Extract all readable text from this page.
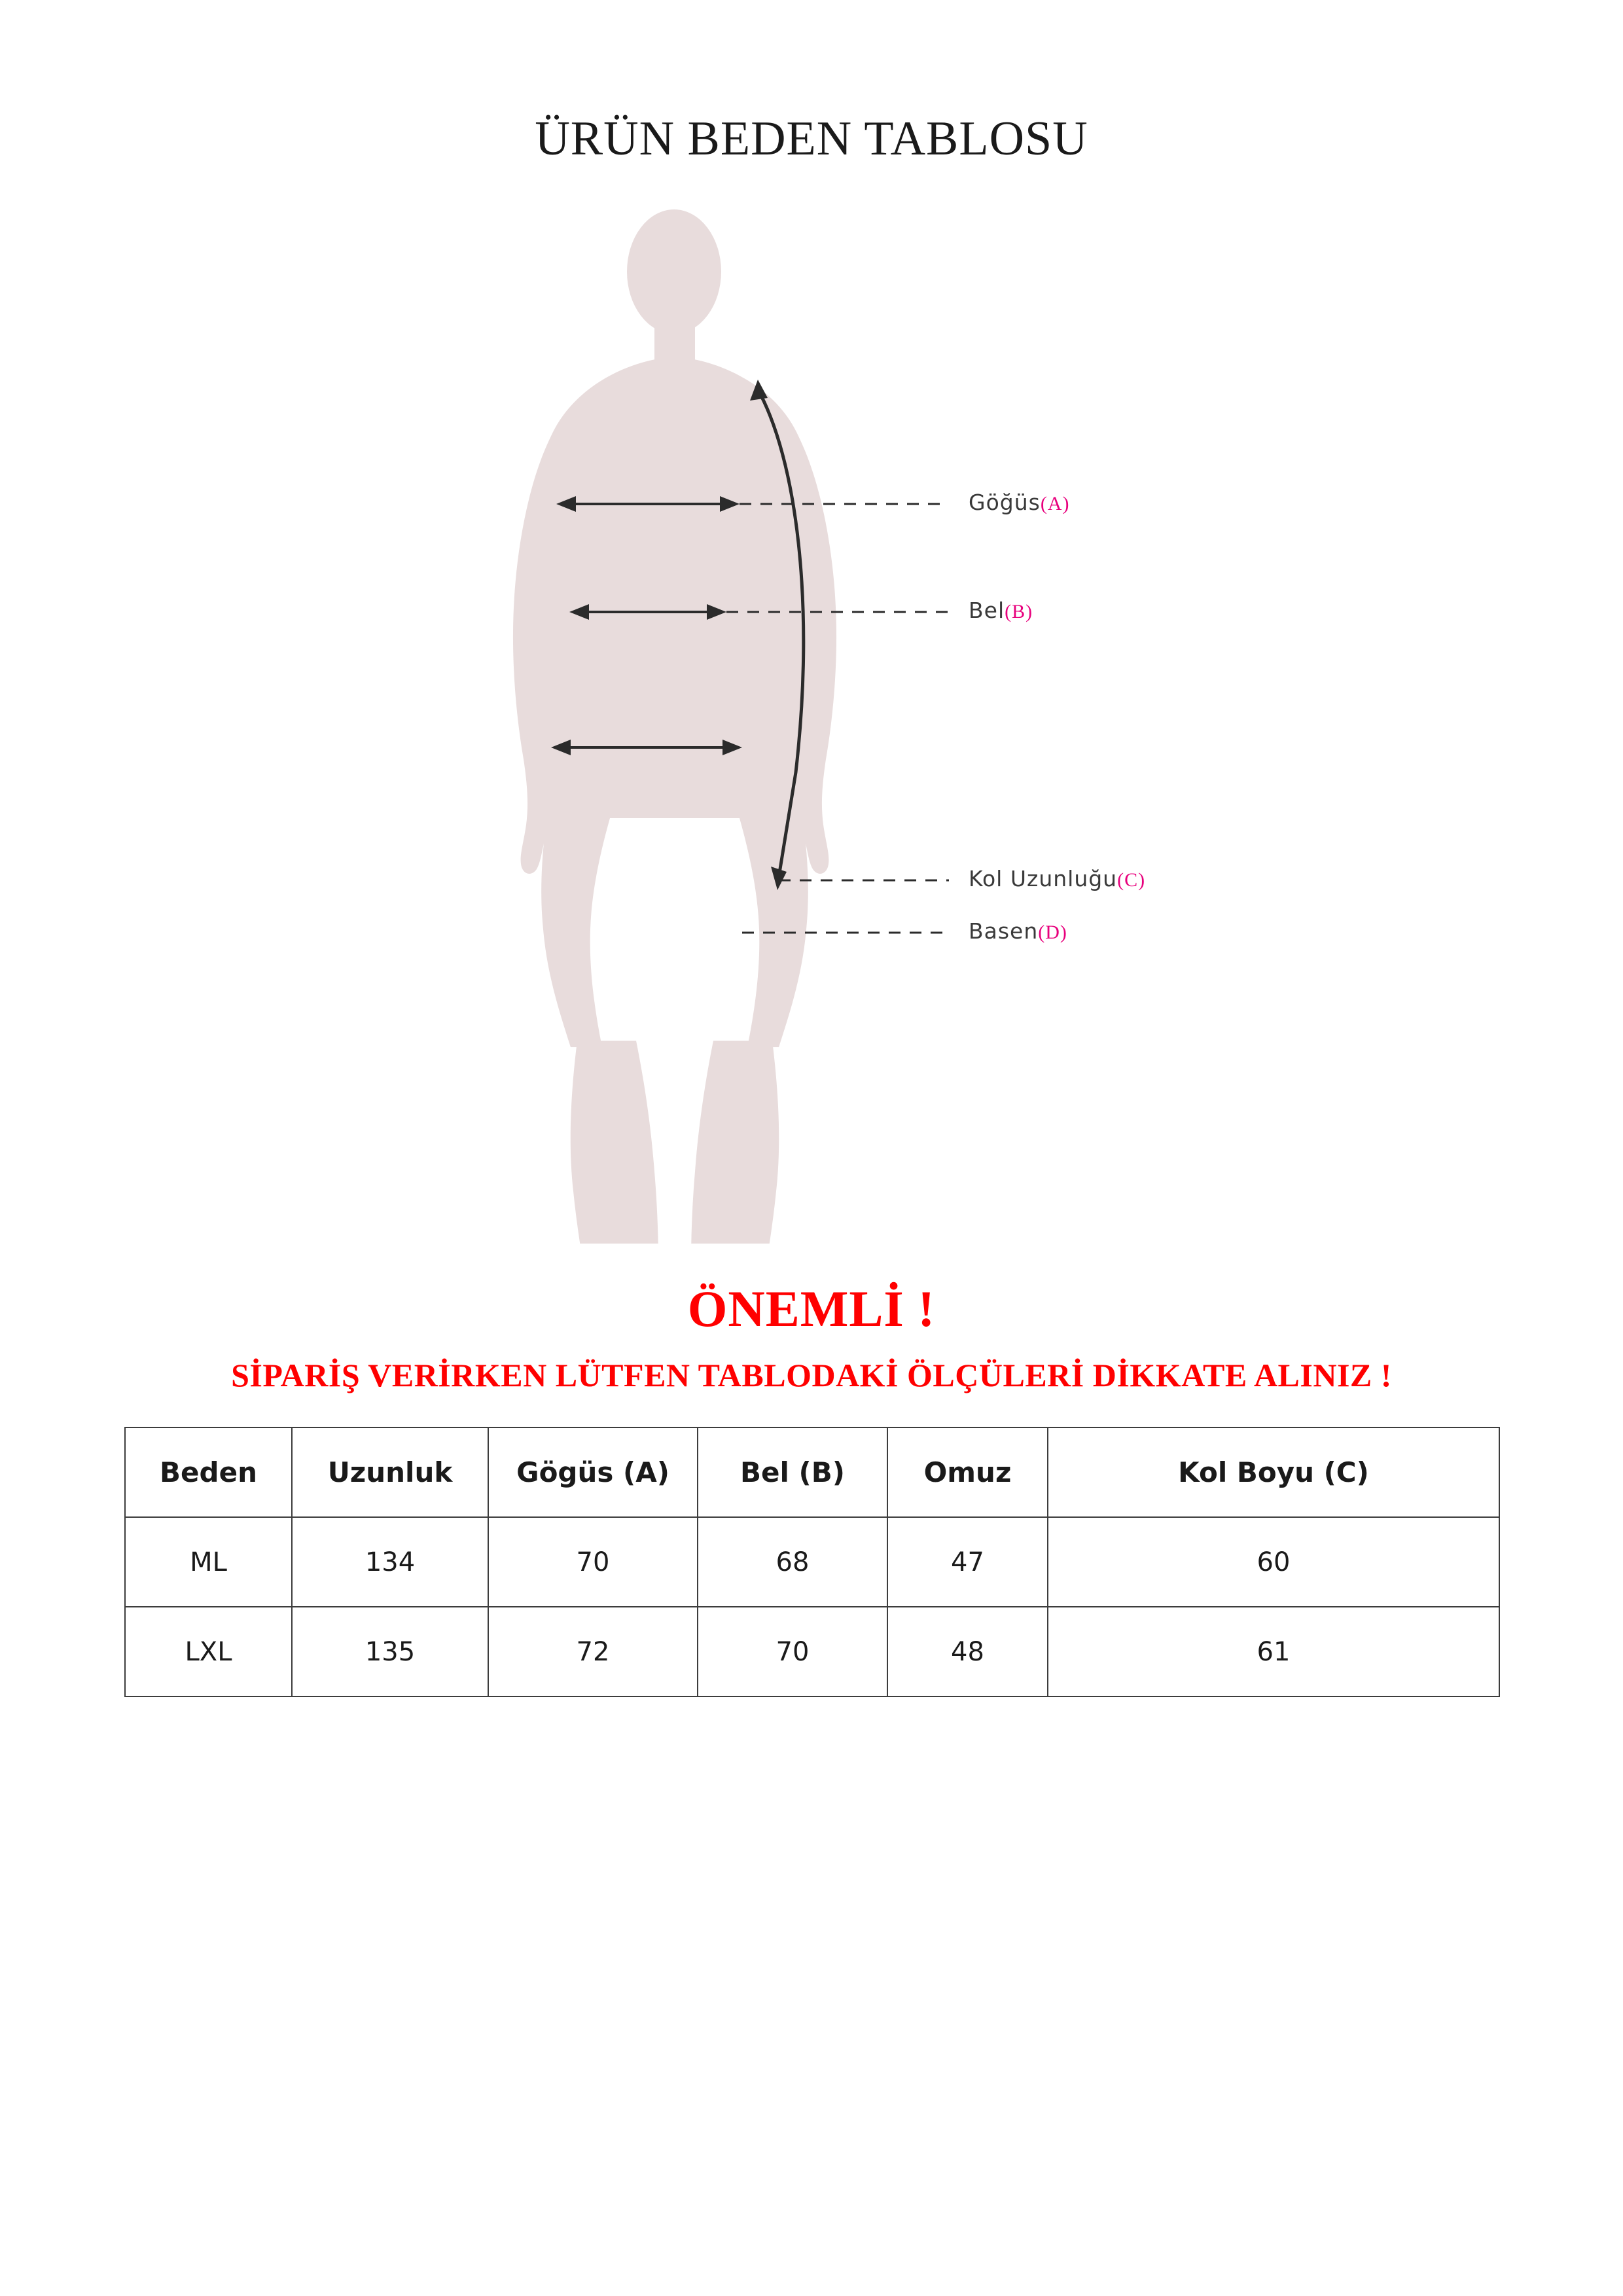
ÜRÜN BEDEN TABLOSU
Göğüs(A)
Bel(B)
Kol Uzunluğu(C)
Basen(D)
ÖNEMLİ !
SİPARİŞ VERİRKEN LÜTFEN TABLODAKİ ÖLÇÜLERİ DİKKATE ALINIZ !
Beden	Uzunluk	Gögüs (A)	Bel (B)	Omuz	Kol Boyu (C)
ML	134	70	68	47	60
LXL	135	72	70	48	61
